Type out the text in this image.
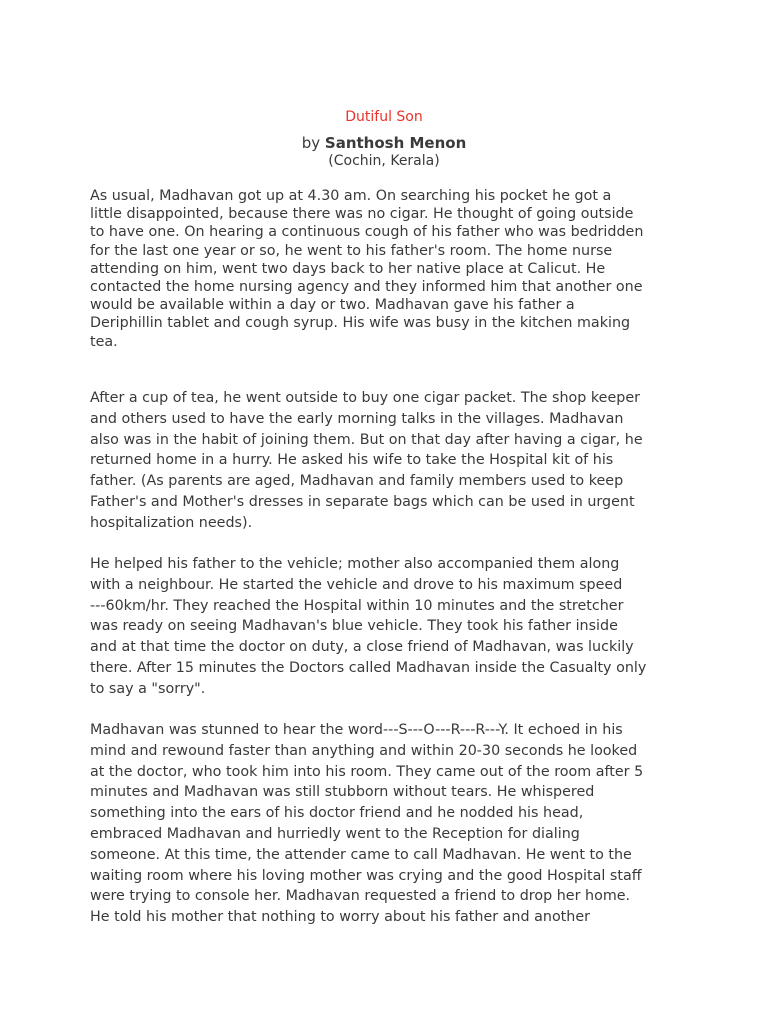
Dutiful Son
by Santhosh Menon
(Cochin, Kerala)

As usual, Madhavan got up at 4.30 am. On searching his pocket he got a
little disappointed, because there was no cigar. He thought of going outside
to have one. On hearing a continuous cough of his father who was bedridden
for the last one year or so, he went to his father's room. The home nurse
attending on him, went two days back to her native place at Calicut. He
contacted the home nursing agency and they informed him that another one
would be available within a day or two. Madhavan gave his father a
Deriphillin tablet and cough syrup. His wife was busy in the kitchen making
tea.

After a cup of tea, he went outside to buy one cigar packet. The shop keeper
and others used to have the early morning talks in the villages. Madhavan
also was in the habit of joining them. But on that day after having a cigar, he
returned home in a hurry. He asked his wife to take the Hospital kit of his
father. (As parents are aged, Madhavan and family members used to keep
Father's and Mother's dresses in separate bags which can be used in urgent
hospitalization needs).

He helped his father to the vehicle; mother also accompanied them along
with a neighbour. He started the vehicle and drove to his maximum speed
---60km/hr. They reached the Hospital within 10 minutes and the stretcher
was ready on seeing Madhavan's blue vehicle. They took his father inside
and at that time the doctor on duty, a close friend of Madhavan, was luckily
there. After 15 minutes the Doctors called Madhavan inside the Casualty only
to say a "sorry".

Madhavan was stunned to hear the word---S---O---R---R---Y. It echoed in his
mind and rewound faster than anything and within 20-30 seconds he looked
at the doctor, who took him into his room. They came out of the room after 5
minutes and Madhavan was still stubborn without tears. He whispered
something into the ears of his doctor friend and he nodded his head,
embraced Madhavan and hurriedly went to the Reception for dialing
someone. At this time, the attender came to call Madhavan. He went to the
waiting room where his loving mother was crying and the good Hospital staff
were trying to console her. Madhavan requested a friend to drop her home.
He told his mother that nothing to worry about his father and another
